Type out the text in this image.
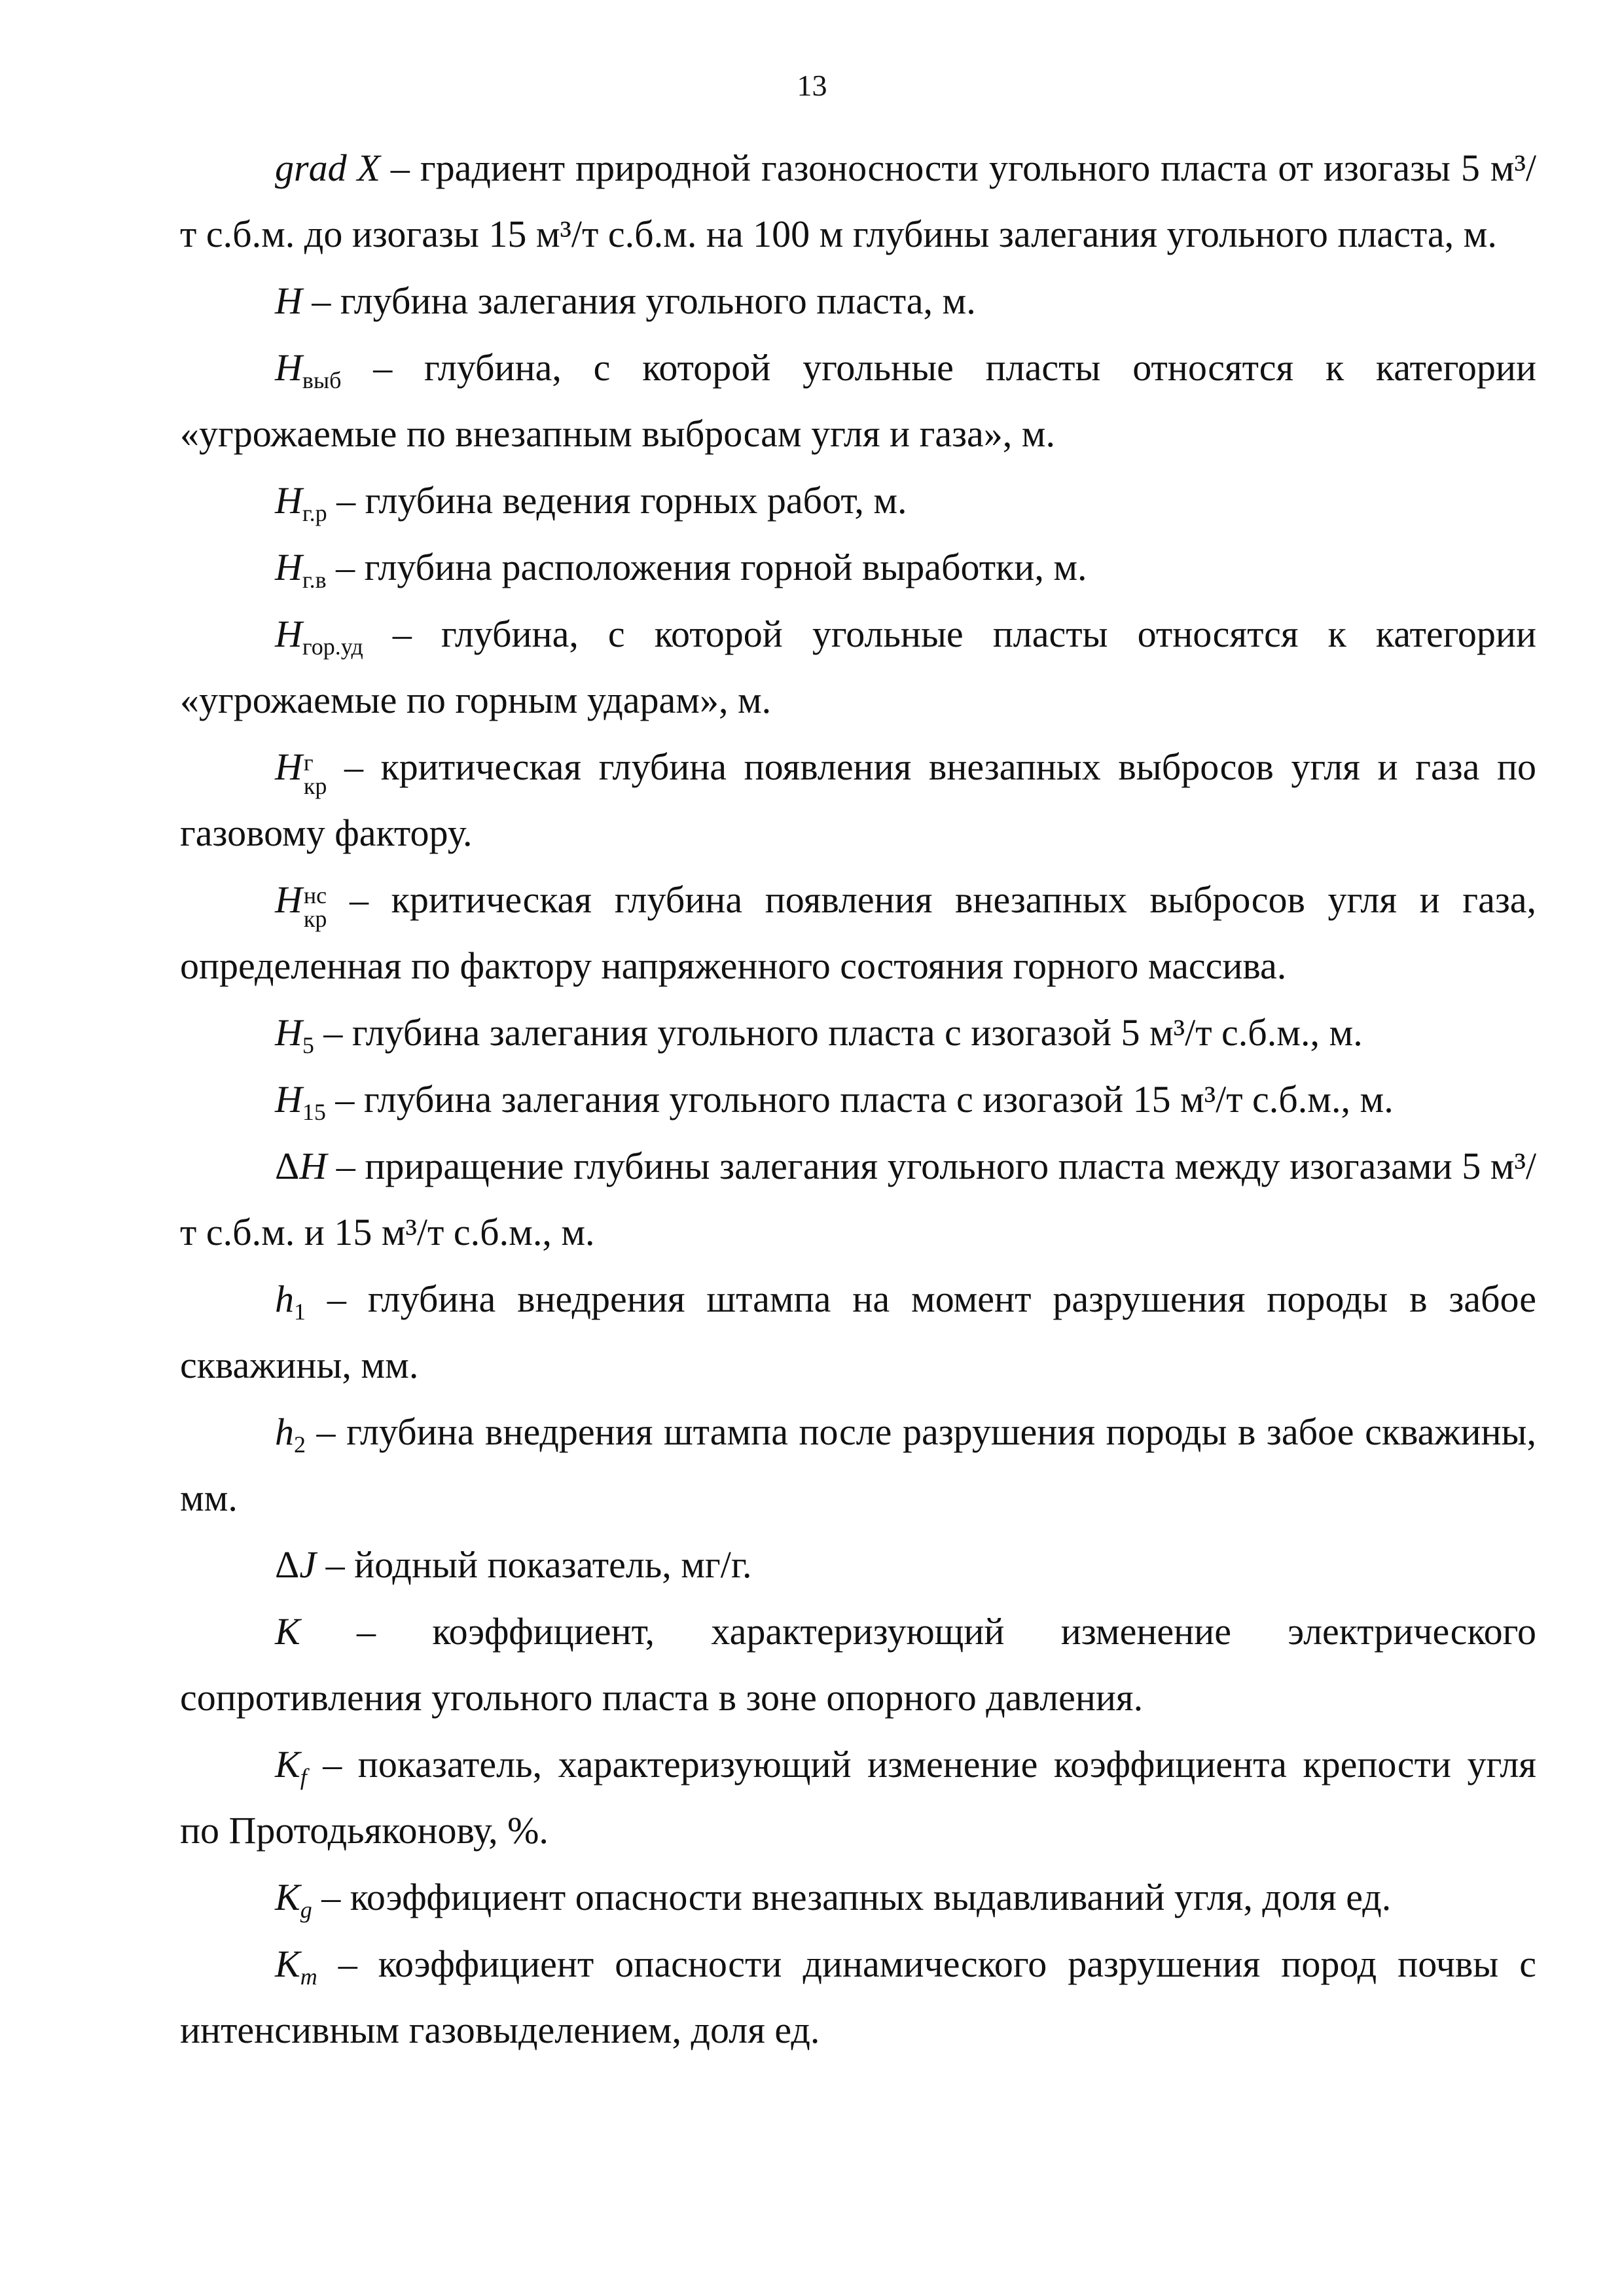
13

grad X – градиент природной газоносности угольного пласта от изогазы 5 м³/т с.б.м. до изогазы 15 м³/т с.б.м. на 100 м глубины залегания угольного пласта, м.

H – глубина залегания угольного пласта, м.

$H_{выб}$ – глубина, с которой угольные пласты относятся к категории «угрожаемые по внезапным выбросам угля и газа», м.

$H_{г.р}$ – глубина ведения горных работ, м.

$H_{г.в}$ – глубина расположения горной выработки, м.

$H_{гор.уд}$ – глубина, с которой угольные пласты относятся к категории «угрожаемые по горным ударам», м.

H г
кр – критическая глубина появления внезапных выбросов угля и газа по газовому фактору.

H нс
кр – критическая глубина появления внезапных выбросов угля и газа, определенная по фактору напряженного состояния горного массива.

$H_5$ – глубина залегания угольного пласта с изогазой 5 м³/т с.б.м., м.

$H_{15}$ – глубина залегания угольного пласта с изогазой 15 м³/т с.б.м., м.

ΔH – приращение глубины залегания угольного пласта между изогазами 5 м³/т с.б.м. и 15 м³/т с.б.м., м.

$h_1$ – глубина внедрения штампа на момент разрушения породы в забое скважины, мм.

$h_2$ – глубина внедрения штампа после разрушения породы в забое скважины, мм.

ΔJ – йодный показатель, мг/г.

K – коэффициент, характеризующий изменение электрического сопротивления угольного пласта в зоне опорного давления.

$K_f$ – показатель, характеризующий изменение коэффициента крепости угля по Протодьяконову, %.

$K_g$ – коэффициент опасности внезапных выдавливаний угля, доля ед.

$K_m$ – коэффициент опасности динамического разрушения пород почвы с интенсивным газовыделением, доля ед.
